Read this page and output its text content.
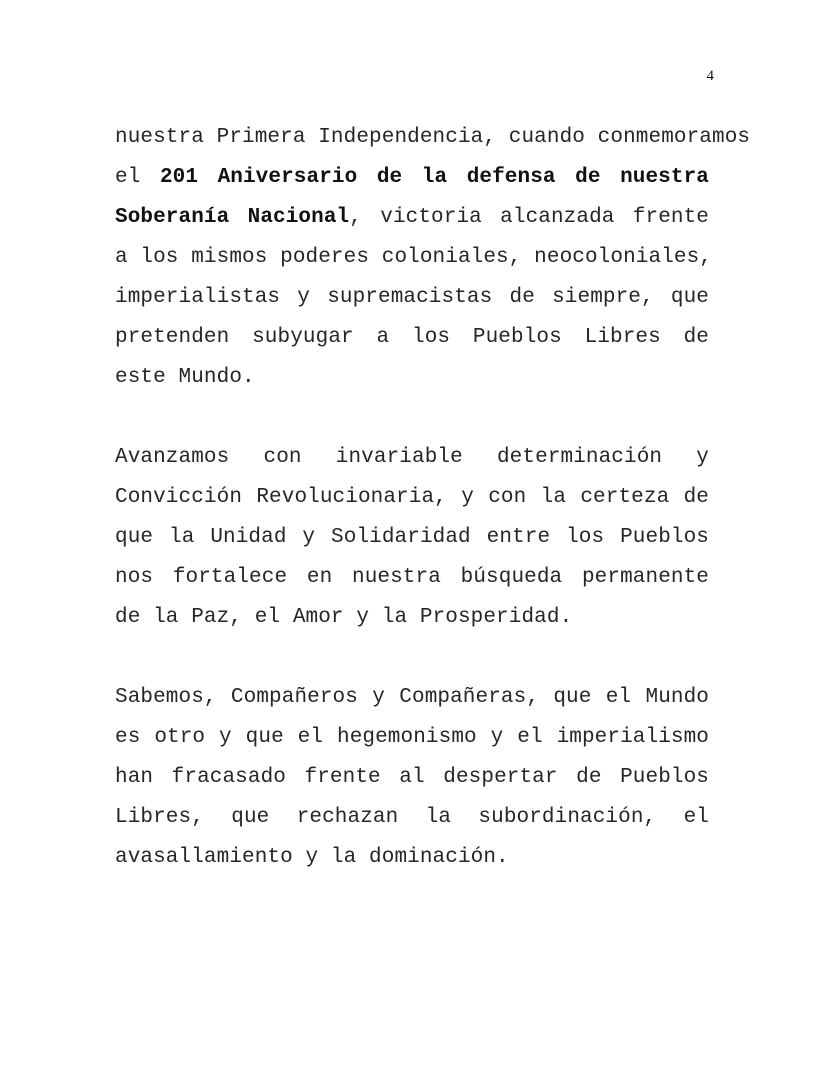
4
nuestra Primera Independencia, cuando conmemoramos
el 201 Aniversario de la defensa de nuestra
Soberanía Nacional, victoria alcanzada frente
a los mismos poderes coloniales, neocoloniales,
imperialistas y supremacistas de siempre, que
pretenden subyugar a los Pueblos Libres de
este Mundo.
Avanzamos con invariable determinación y
Convicción Revolucionaria, y con la certeza de
que la Unidad y Solidaridad entre los Pueblos
nos fortalece en nuestra búsqueda permanente
de la Paz, el Amor y la Prosperidad.
Sabemos, Compañeros y Compañeras, que el Mundo
es otro y que el hegemonismo y el imperialismo
han fracasado frente al despertar de Pueblos
Libres, que rechazan la subordinación, el
avasallamiento y la dominación.
